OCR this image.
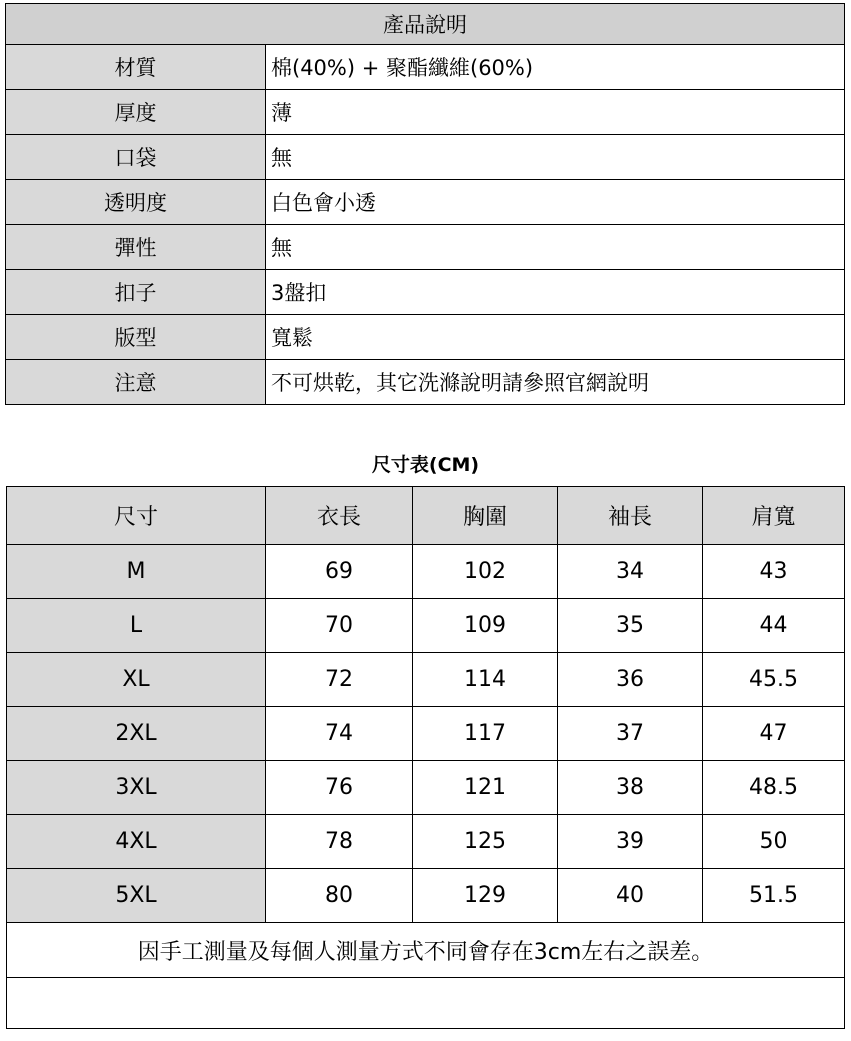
產品說明	
材質	棉(40%) + 聚酯纖維(60%)
厚度	薄
口袋	無
透明度	白色會小透
彈性	無
扣子	3盤扣
版型	寬鬆
注意	不可烘乾，其它洗滌說明請參照官網說明
尺寸表(CM)
尺寸	衣長	胸圍	袖長	肩寬
M	69	102	34	43
L	70	109	35	44
XL	72	114	36	45.5
2XL	74	117	37	47
3XL	76	121	38	48.5
4XL	78	125	39	50
5XL	80	129	40	51.5
因手工測量及每個人測量方式不同會存在3cm左右之誤差。				
